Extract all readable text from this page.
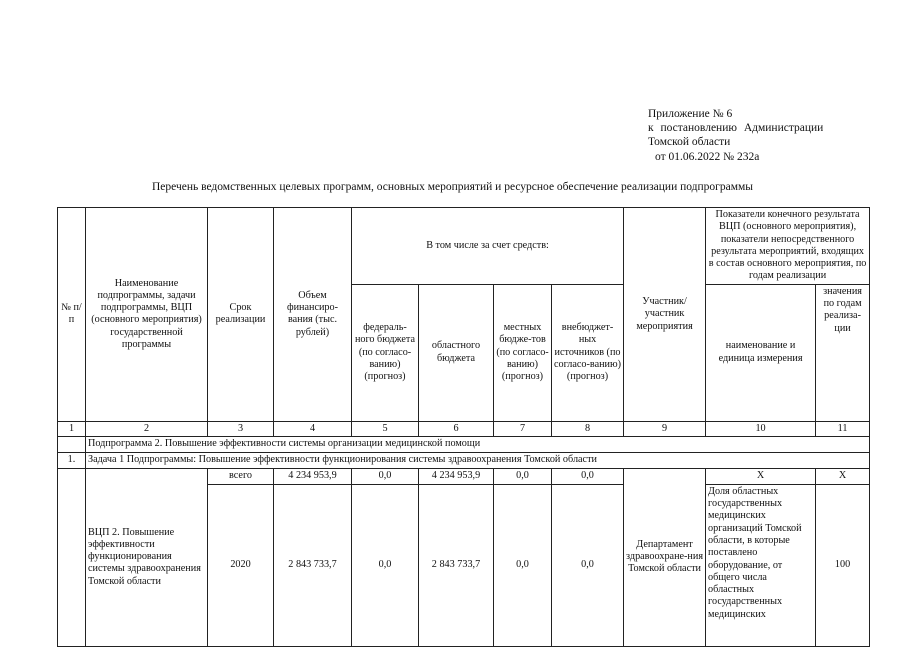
Приложение № 6
к постановлению Администрации
Томской области
от 01.06.2022 № 232а
Перечень ведомственных целевых программ, основных мероприятий и ресурсное обеспечение реализации подпрограммы
№ п/п	Наименование подпрограммы, задачи подпрограммы, ВЦП (основного мероприятия) государственной программы	Срок реализации	Объем финансиро-вания (тыс. рублей)	В том числе за счет средств:				Участник/ участник мероприятия	Показатели конечного результата ВЦП (основного мероприятия), показатели непосредственного результата мероприятий, входящих в состав основного мероприятия, по годам реализации	
				федераль-ного бюджета (по согласо-ванию) (прогноз)	областного бюджета	местных бюдже-тов (по согласо-ванию) (прогноз)	внебюджет-ных источников (по согласо-ванию) (прогноз)		наименование и единица измерения	значения по годам реализа-ции
1	2	3	4	5	6	7	8	9	10	11
	Подпрограмма 2. Повышение эффективности системы организации медицинской помощи									
1.	Задача 1 Подпрограммы: Повышение эффективности функционирования системы здравоохранения Томской области									
	ВЦП 2. Повышение эффективности функционирования системы здравоохранения Томской области	всего	4 234 953,9	0,0	4 234 953,9	0,0	0,0	Департамент здравоохране-ния Томской области	X	X
		2020	2 843 733,7	0,0	2 843 733,7	0,0	0,0		Доля областных государственных медицинских организаций Томской области, в которые поставлено оборудование, от общего числа областных государственных медицинских	100
